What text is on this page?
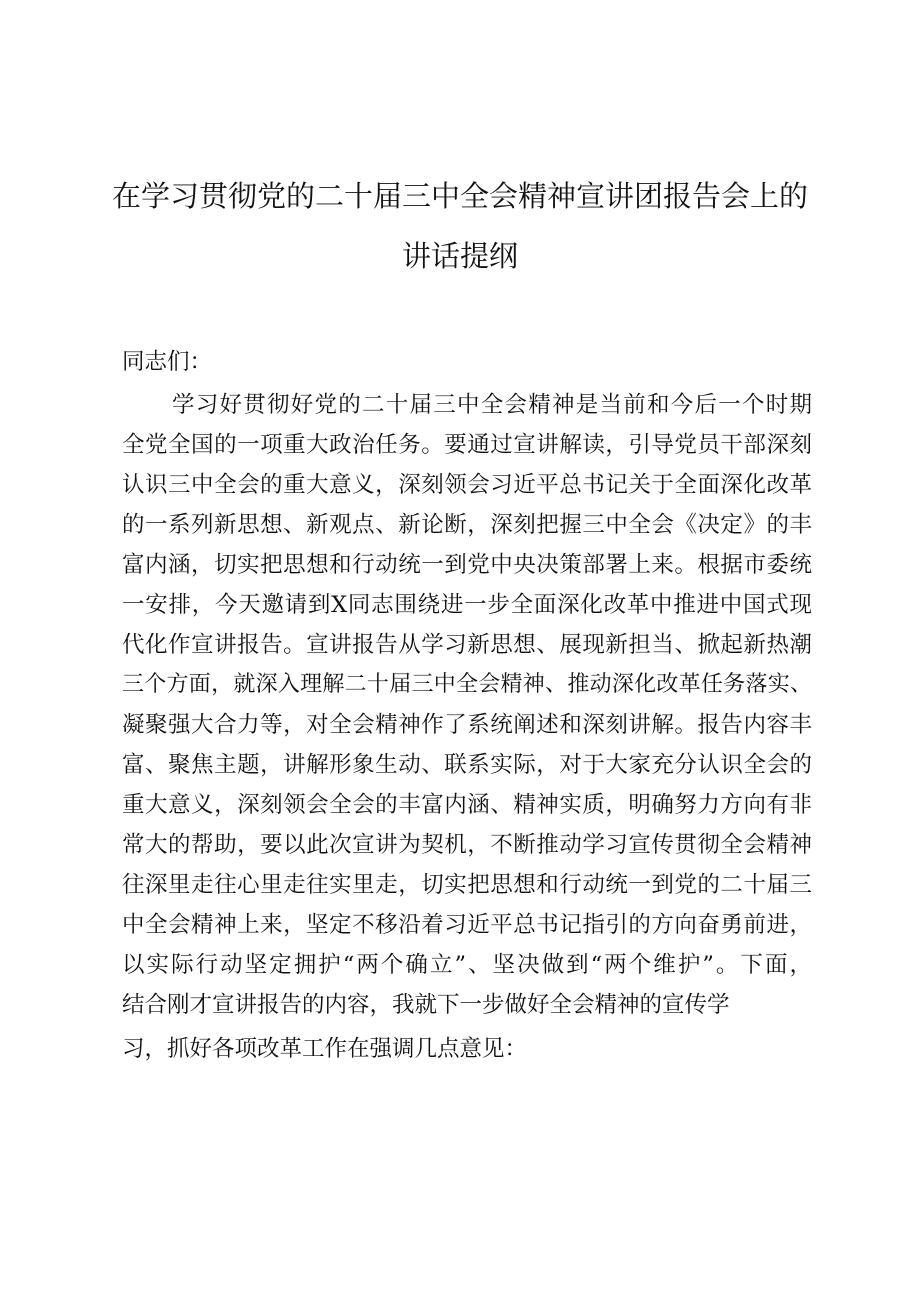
在学习贯彻党的二十届三中全会精神宣讲团报告会上的
讲话提纲
同志们：
学习好贯彻好党的二十届三中全会精神是当前和今后一个时期
全党全国的一项重大政治任务。要通过宣讲解读，引导党员干部深刻
认识三中全会的重大意义，深刻领会习近平总书记关于全面深化改革
的一系列新思想、新观点、新论断，深刻把握三中全会《决定》的丰
富内涵，切实把思想和行动统一到党中央决策部署上来。根据市委统
一安排，今天邀请到X同志围绕进一步全面深化改革中推进中国式现
代化作宣讲报告。宣讲报告从学习新思想、展现新担当、掀起新热潮
三个方面，就深入理解二十届三中全会精神、推动深化改革任务落实、
凝聚强大合力等，对全会精神作了系统阐述和深刻讲解。报告内容丰
富、聚焦主题，讲解形象生动、联系实际，对于大家充分认识全会的
重大意义，深刻领会全会的丰富内涵、精神实质，明确努力方向有非
常大的帮助，要以此次宣讲为契机，不断推动学习宣传贯彻全会精神
往深里走往心里走往实里走，切实把思想和行动统一到党的二十届三
中全会精神上来，坚定不移沿着习近平总书记指引的方向奋勇前进，
以实际行动坚定拥护“两个确立”、坚决做到“两个维护”。下面，
结合刚才宣讲报告的内容，我就下一步做好全会精神的宣传学
习，抓好各项改革工作在强调几点意见：
